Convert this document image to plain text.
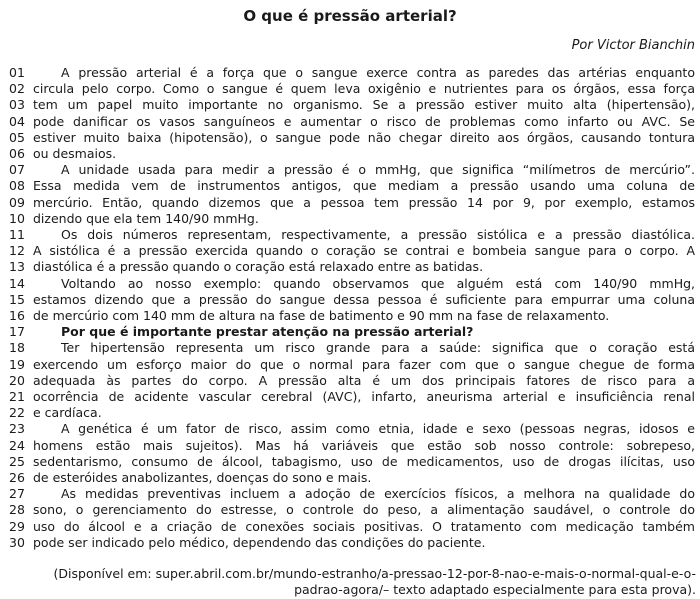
O que é pressão arterial?
Por Victor Bianchin
01	A pressão arterial é a força que o sangue exerce contra as paredes das artérias enquanto
02 circula pelo corpo. Como o sangue é quem leva oxigênio e nutrientes para os órgãos, essa força
03 tem um papel muito importante no organismo. Se a pressão estiver muito alta (hipertensão),
04 pode danificar os vasos sanguíneos e aumentar o risco de problemas como infarto ou AVC. Se
05 estiver muito baixa (hipotensão), o sangue pode não chegar direito aos órgãos, causando tontura
06 ou desmaios.
07	A unidade usada para medir a pressão é o mmHg, que significa “milímetros de mercúrio”.
08 Essa medida vem de instrumentos antigos, que mediam a pressão usando uma coluna de
09 mercúrio. Então, quando dizemos que a pessoa tem pressão 14 por 9, por exemplo, estamos
10 dizendo que ela tem 140/90 mmHg.
11	Os dois números representam, respectivamente, a pressão sistólica e a pressão diastólica.
12 A sistólica é a pressão exercida quando o coração se contrai e bombeia sangue para o corpo. A
13 diastólica é a pressão quando o coração está relaxado entre as batidas.
14	Voltando ao nosso exemplo: quando observamos que alguém está com 140/90 mmHg,
15 estamos dizendo que a pressão do sangue dessa pessoa é suficiente para empurrar uma coluna
16 de mercúrio com 140 mm de altura na fase de batimento e 90 mm na fase de relaxamento.
17	Por que é importante prestar atenção na pressão arterial?
18	Ter hipertensão representa um risco grande para a saúde: significa que o coração está
19 exercendo um esforço maior do que o normal para fazer com que o sangue chegue de forma
20 adequada às partes do corpo. A pressão alta é um dos principais fatores de risco para a
21 ocorrência de acidente vascular cerebral (AVC), infarto, aneurisma arterial e insuficiência renal
22 e cardíaca.
23	A genética é um fator de risco, assim como etnia, idade e sexo (pessoas negras, idosos e
24 homens estão mais sujeitos). Mas há variáveis que estão sob nosso controle: sobrepeso,
25 sedentarismo, consumo de álcool, tabagismo, uso de medicamentos, uso de drogas ilícitas, uso
26 de esteróides anabolizantes, doenças do sono e mais.
27	As medidas preventivas incluem a adoção de exercícios físicos, a melhora na qualidade do
28 sono, o gerenciamento do estresse, o controle do peso, a alimentação saudável, o controle do
29 uso do álcool e a criação de conexões sociais positivas. O tratamento com medicação também
30 pode ser indicado pelo médico, dependendo das condições do paciente.
(Disponível em: super.abril.com.br/mundo-estranho/a-pressao-12-por-8-nao-e-mais-o-normal-qual-e-o-
padrao-agora/– texto adaptado especialmente para esta prova).
